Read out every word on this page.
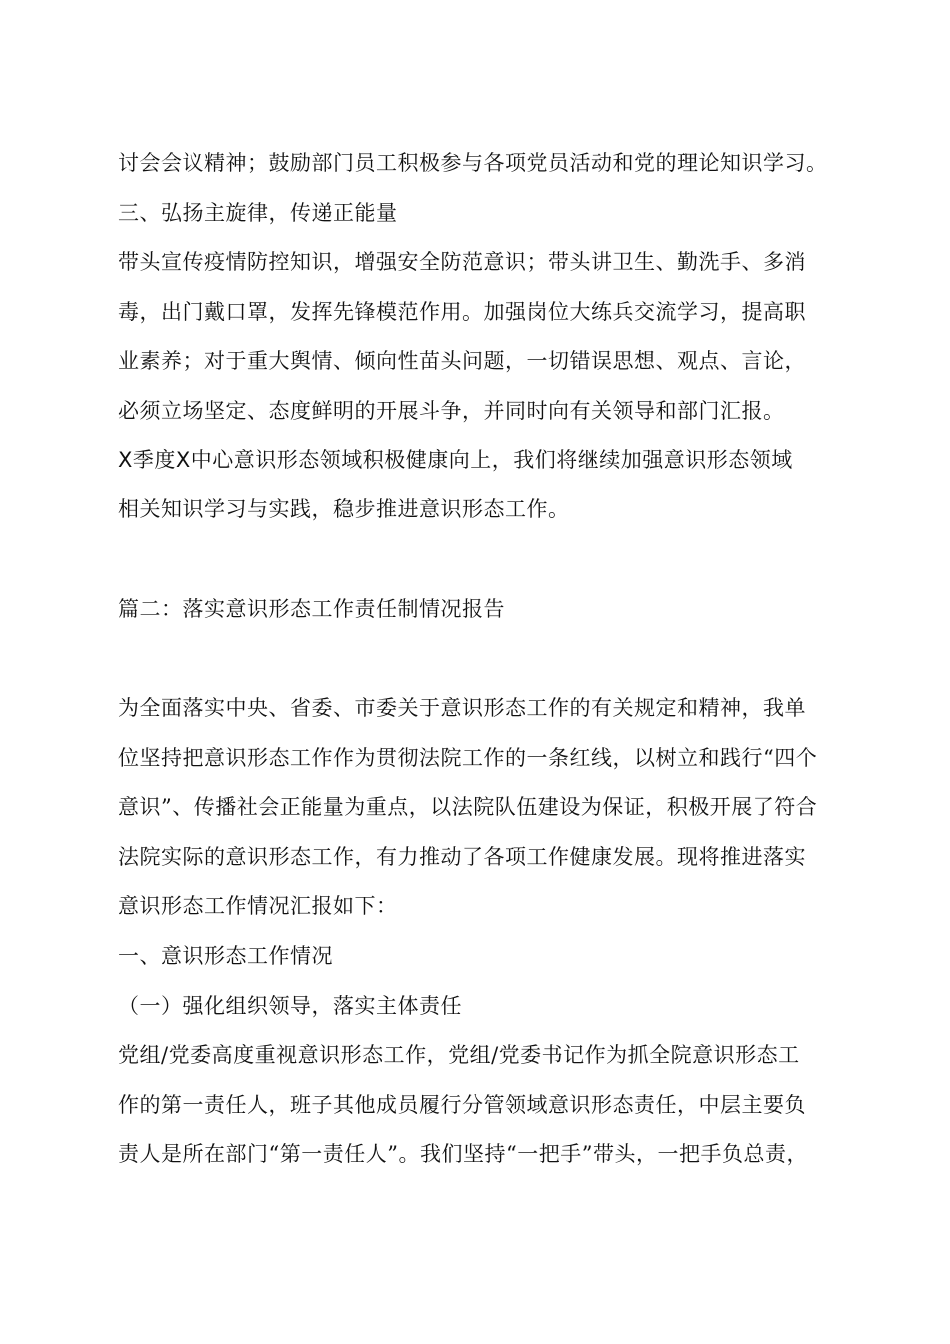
讨会会议精神；鼓励部门员工积极参与各项党员活动和党的理论知识学习。
三、弘扬主旋律，传递正能量
带头宣传疫情防控知识，增强安全防范意识；带头讲卫生、勤洗手、多消
毒，出门戴口罩，发挥先锋模范作用。加强岗位大练兵交流学习，提高职
业素养；对于重大舆情、倾向性苗头问题，一切错误思想、观点、言论，
必须立场坚定、态度鲜明的开展斗争，并同时向有关领导和部门汇报。
X季度X中心意识形态领域积极健康向上，我们将继续加强意识形态领域
相关知识学习与实践，稳步推进意识形态工作。
篇二：落实意识形态工作责任制情况报告
为全面落实中央、省委、市委关于意识形态工作的有关规定和精神，我单
位坚持把意识形态工作作为贯彻法院工作的一条红线，以树立和践行“四个
意识”、传播社会正能量为重点，以法院队伍建设为保证，积极开展了符合
法院实际的意识形态工作，有力推动了各项工作健康发展。现将推进落实
意识形态工作情况汇报如下：
一、意识形态工作情况
（一）强化组织领导，落实主体责任
党组/党委高度重视意识形态工作，党组/党委书记作为抓全院意识形态工
作的第一责任人，班子其他成员履行分管领域意识形态责任，中层主要负
责人是所在部门“第一责任人”。我们坚持“一把手”带头，一把手负总责，
